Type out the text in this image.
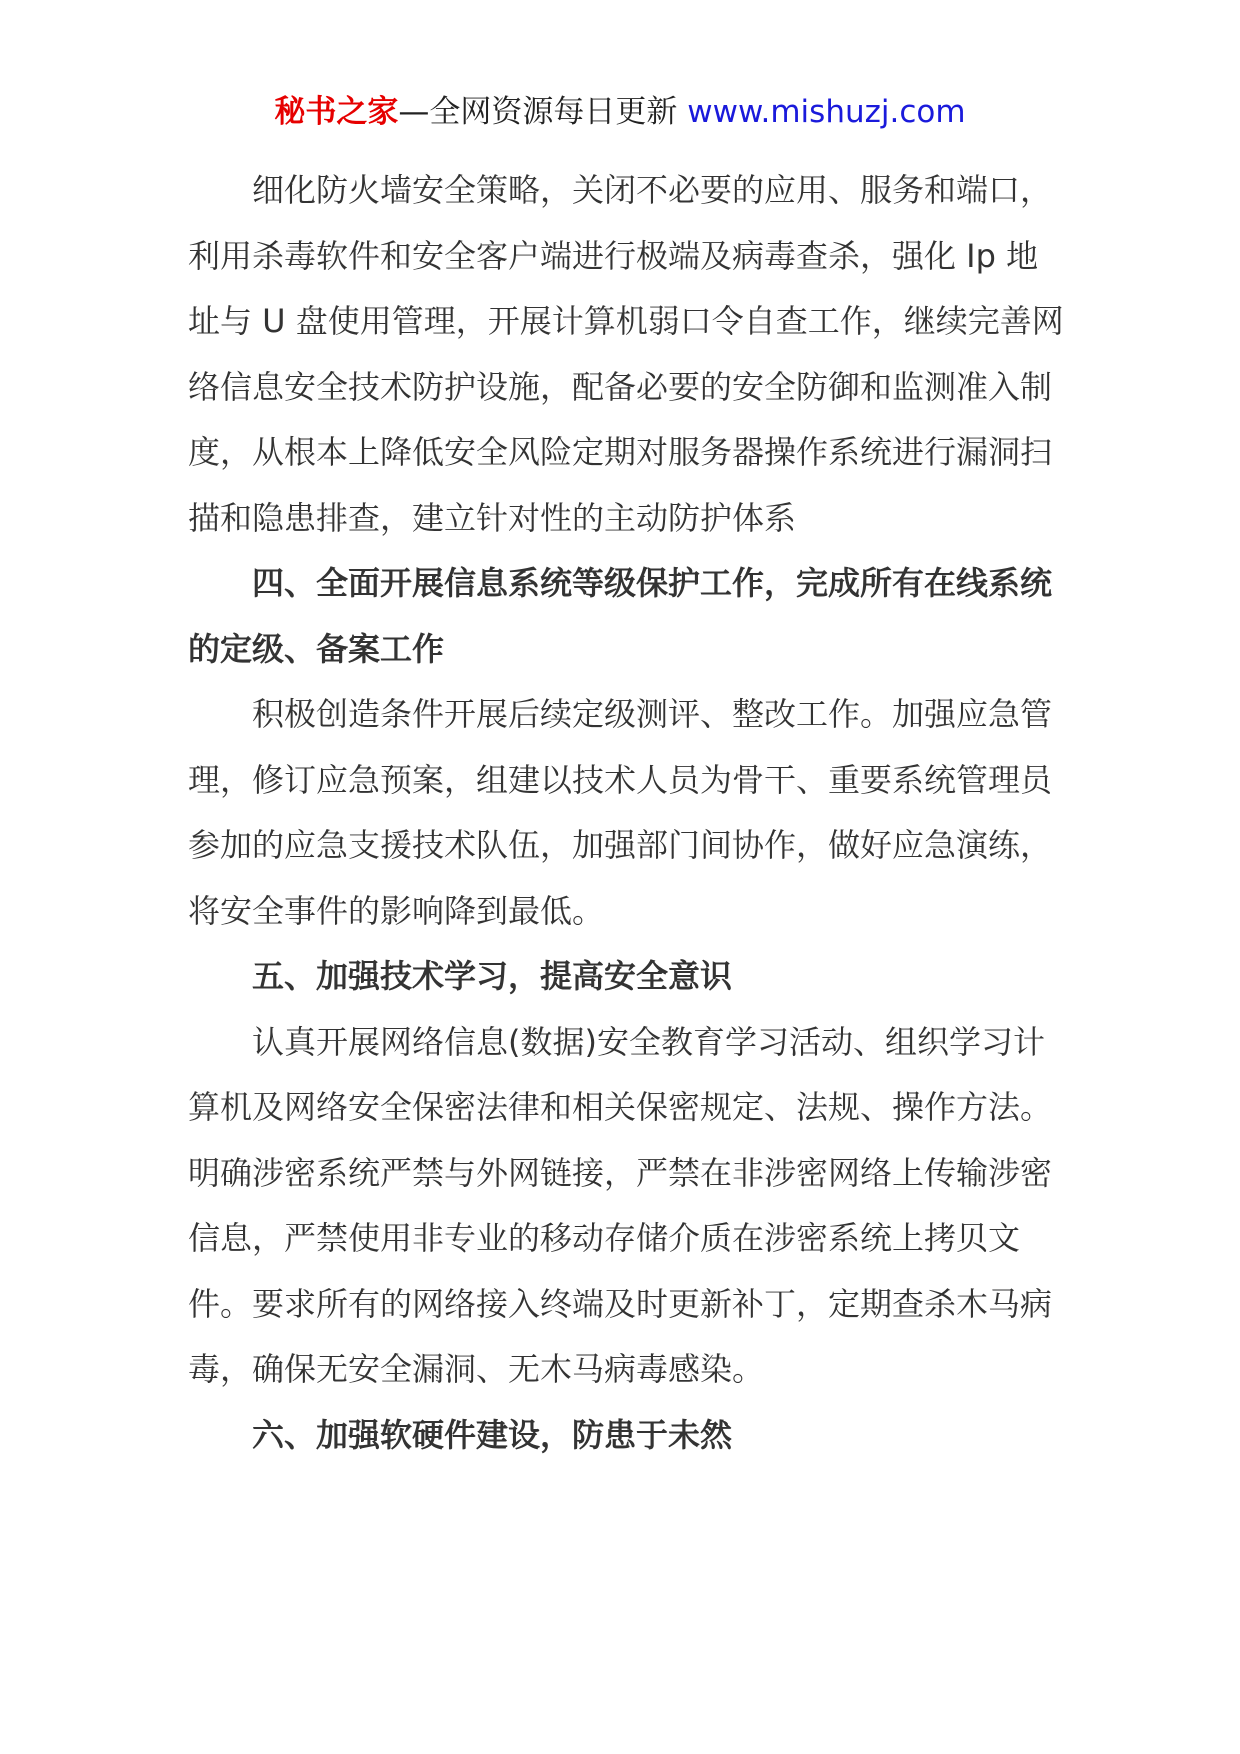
秘书之家—全网资源每日更新 www.mishuzj.com

细化防火墙安全策略，关闭不必要的应用、服务和端口，利用杀毒软件和安全客户端进行极端及病毒查杀，强化 Ip 地址与 U 盘使用管理，开展计算机弱口令自查工作，继续完善网络信息安全技术防护设施，配备必要的安全防御和监测准入制度，从根本上降低安全风险定期对服务器操作系统进行漏洞扫描和隐患排查，建立针对性的主动防护体系

四、全面开展信息系统等级保护工作，完成所有在线系统的定级、备案工作

积极创造条件开展后续定级测评、整改工作。加强应急管理，修订应急预案，组建以技术人员为骨干、重要系统管理员参加的应急支援技术队伍，加强部门间协作，做好应急演练，将安全事件的影响降到最低。

五、加强技术学习，提高安全意识

认真开展网络信息(数据)安全教育学习活动、组织学习计算机及网络安全保密法律和相关保密规定、法规、操作方法。明确涉密系统严禁与外网链接，严禁在非涉密网络上传输涉密信息，严禁使用非专业的移动存储介质在涉密系统上拷贝文件。要求所有的网络接入终端及时更新补丁，定期查杀木马病毒，确保无安全漏洞、无木马病毒感染。

六、加强软硬件建设，防患于未然
